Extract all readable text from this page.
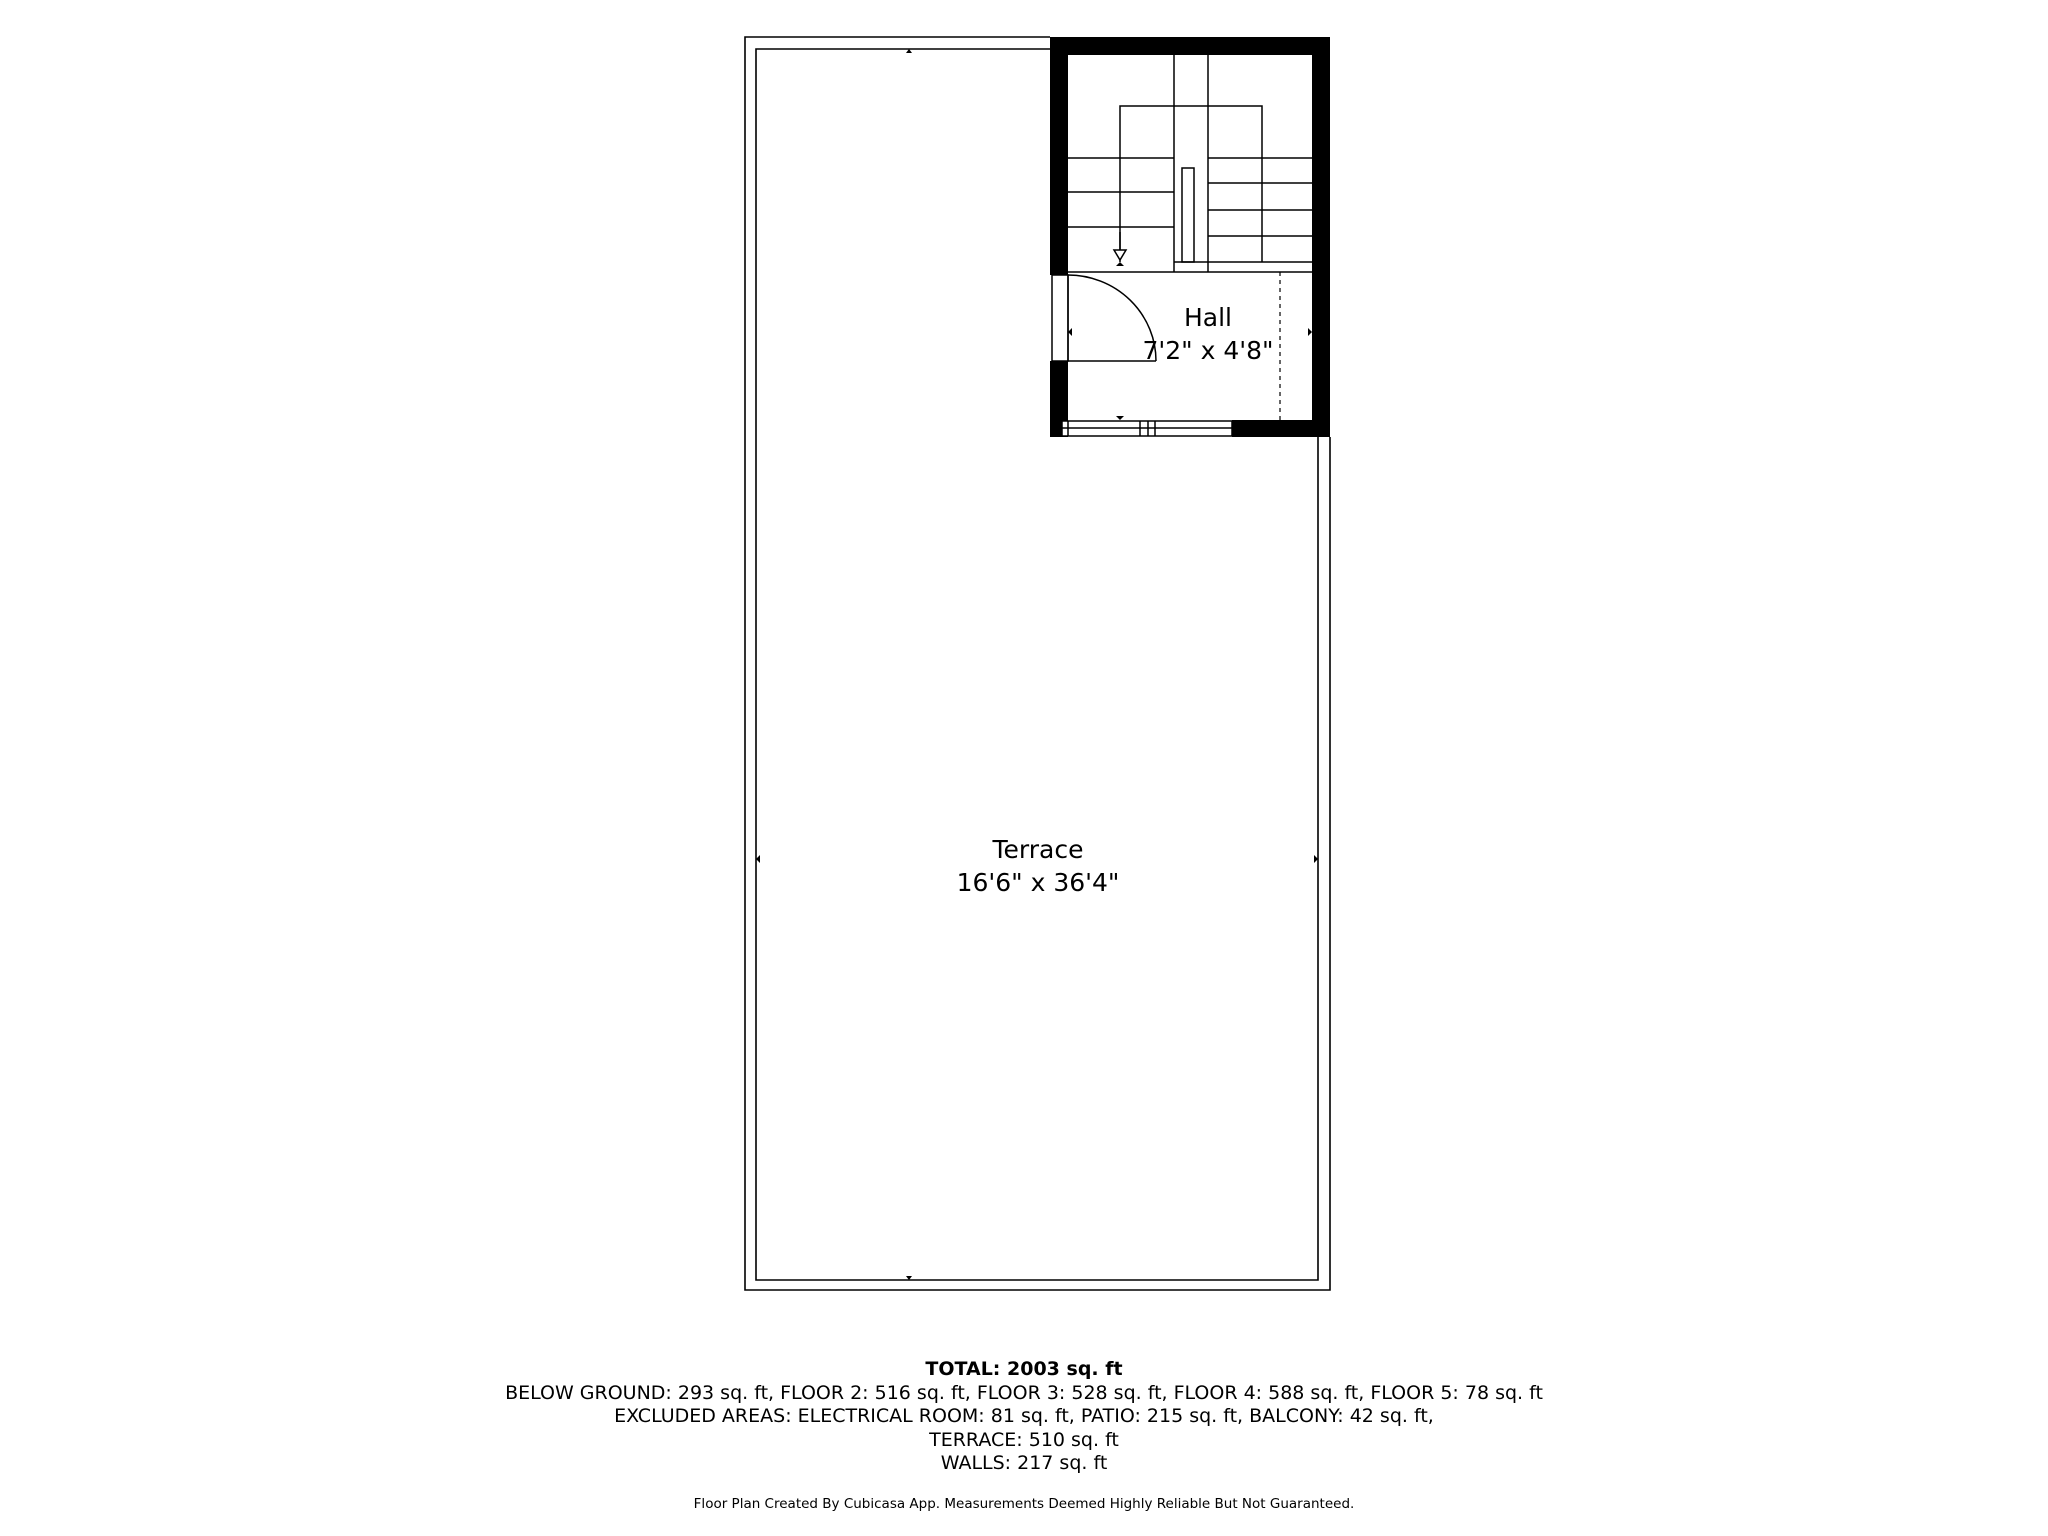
Hall
7'2" x 4'8"
Terrace
16'6" x 36'4"
TOTAL: 2003 sq. ft
BELOW GROUND: 293 sq. ft, FLOOR 2: 516 sq. ft, FLOOR 3: 528 sq. ft, FLOOR 4: 588 sq. ft, FLOOR 5: 78 sq. ft
EXCLUDED AREAS: ELECTRICAL ROOM: 81 sq. ft, PATIO: 215 sq. ft, BALCONY: 42 sq. ft,
TERRACE: 510 sq. ft
WALLS: 217 sq. ft
Floor Plan Created By Cubicasa App. Measurements Deemed Highly Reliable But Not Guaranteed.
